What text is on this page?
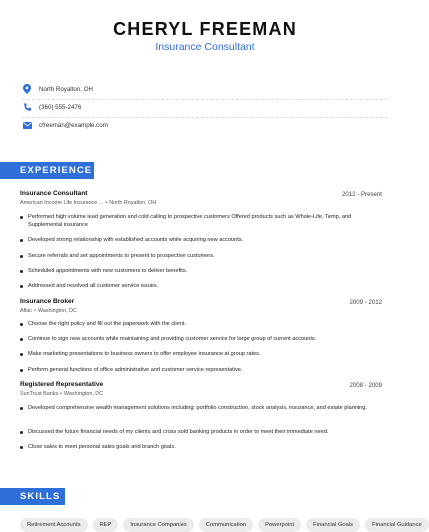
CHERYL FREEMAN
Insurance Consultant
North Royalton, OH
(360) 555-2476
cfreeman@example.com
EXPERIENCE
Insurance Consultant	2012 - Present
American Income Life Insurance ... • North Royalton, OH
Performed high volume lead generation and cold calling to prospective customers Offered products such as Whole-Life, Temp, and Supplemental insurance
Developed strong relationship with established accounts while acquiring new accounts.
Secure referrals and set appointments to present to prospective customers.
Scheduled appointments with new customers to deliver benefits.
Addressed and resolved all customer service issues.
Insurance Broker	2009 - 2012
Aflac • Washington, DC
Choose the right policy and fill out the paperwork with the client.
Continue to sign new accounts while maintaining and providing customer service for large group of current accounts.
Make marketing presentations to business owners to offer employee insurance at group rates.
Perform general functions of office administrative and customer service representative.
Registered Representative	2008 - 2009
SunTrust Banks • Washington, DC
Developed comprehensive wealth management solutions including: portfolio construction, stock analysis, insurance, and estate planning.
Discussed the future financial needs of my clients and cross sold banking products in order to meet their immediate need.
Close sales to meet personal sales goals and branch goals.
SKILLS
Retirement Accounts	REP	Insurance Companies	Communication	Powerpoint	Financial Goals	Financial Guidance
